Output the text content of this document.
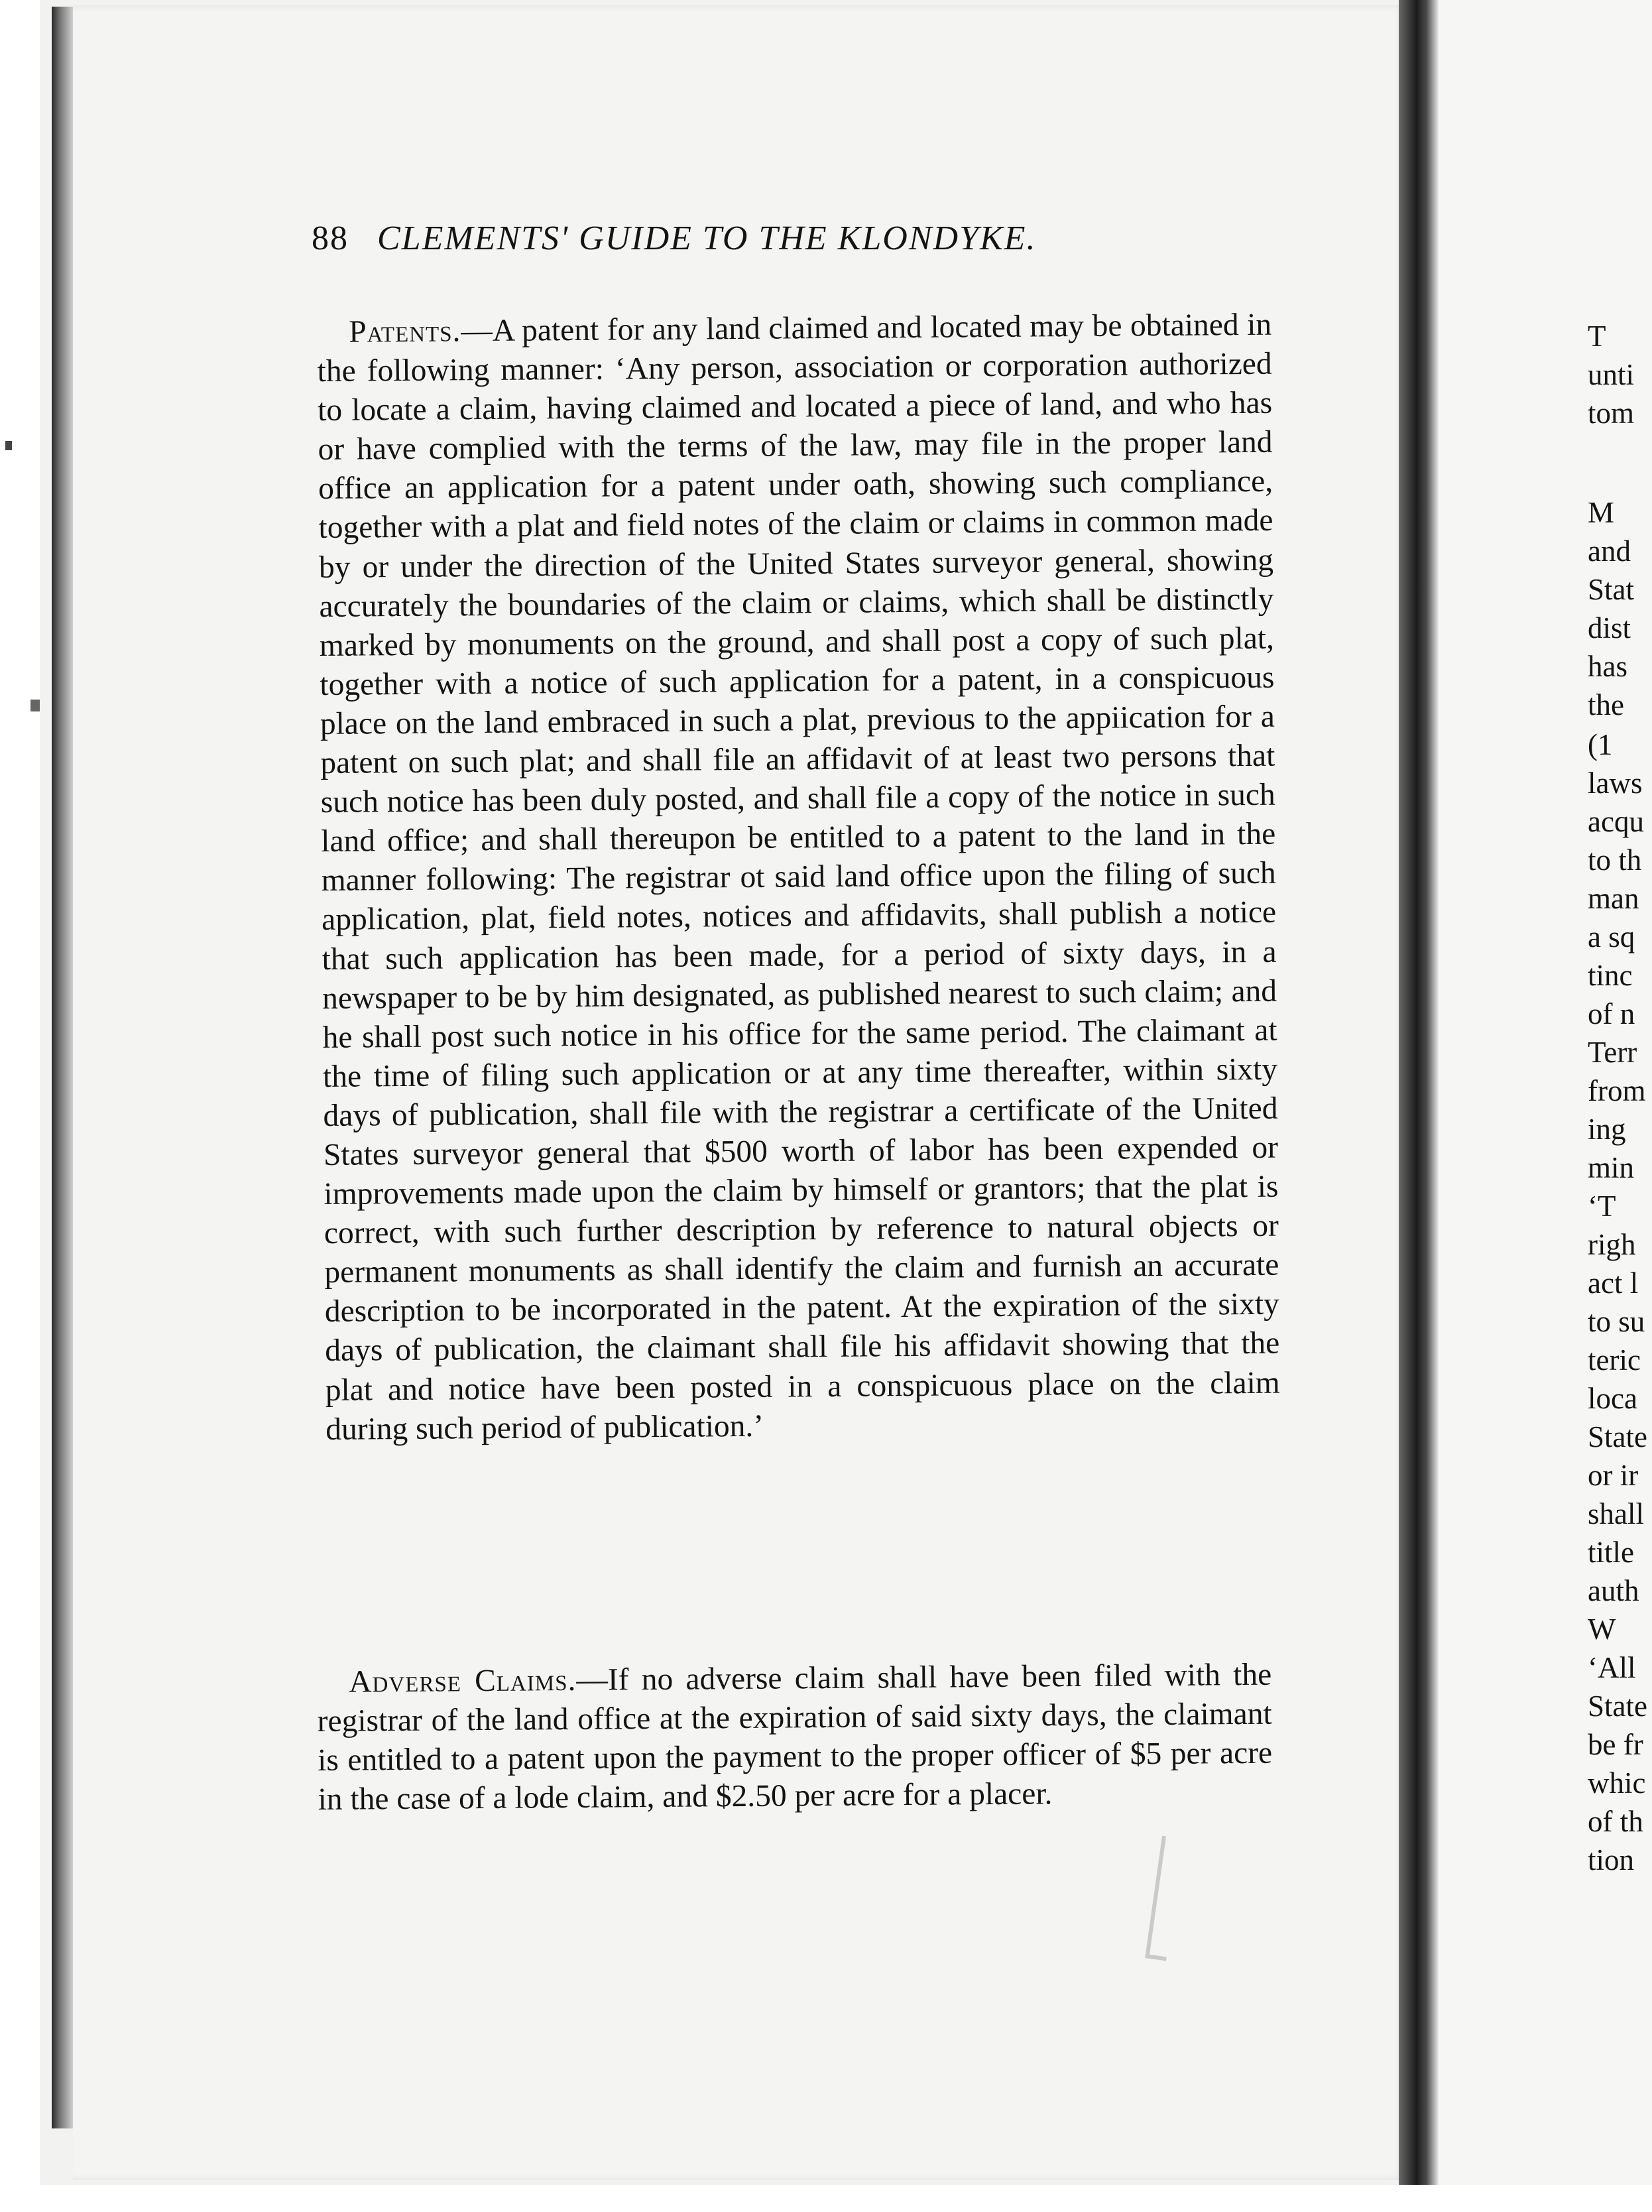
88 CLEMENTS' GUIDE TO THE KLONDYKE.
Patents.—A patent for any land claimed and located may be obtained in the following manner: ‘Any person, association or corporation authorized to locate a claim, having claimed and located a piece of land, and who has or have complied with the terms of the law, may file in the proper land office an application for a patent under oath, showing such compliance, together with a plat and field notes of the claim or claims in common made by or under the direction of the United States surveyor general, showing accurately the boundaries of the claim or claims, which shall be distinctly marked by monuments on the ground, and shall post a copy of such plat, together with a notice of such application for a patent, in a conspicuous place on the land embraced in such a plat, previous to the appiication for a patent on such plat; and shall file an affidavit of at least two persons that such notice has been duly posted, and shall file a copy of the notice in such land office; and shall thereupon be entitled to a patent to the land in the manner following: The registrar ot said land office upon the filing of such application, plat, field notes, notices and affidavits, shall publish a notice that such application has been made, for a period of sixty days, in a newspaper to be by him designated, as published nearest to such claim; and he shall post such notice in his office for the same period. The claimant at the time of filing such application or at any time thereafter, within sixty days of publication, shall file with the registrar a certificate of the United States surveyor general that $500 worth of labor has been expended or improvements made upon the claim by himself or grantors; that the plat is correct, with such further description by reference to natural objects or permanent monuments as shall identify the claim and furnish an accurate description to be incorporated in the patent. At the expiration of the sixty days of publication, the claimant shall file his affidavit showing that the plat and notice have been posted in a conspicuous place on the claim during such period of publication.’
Adverse Claims.—If no adverse claim shall have been filed with the registrar of the land office at the expiration of said sixty days, the claimant is entitled to a patent upon the payment to the proper officer of $5 per acre in the case of a lode claim, and $2.50 per acre for a placer.
T
unti
tom
M
and
Stat
dist
has
the
(1
laws
acqu
to th
man
a sq
tinc
of n
Terr
from
ing
min
‘T
righ
act l
to su
teric
loca
State
or ir
shall
title
auth
W
‘All
State
be fr
whic
of th
tion
